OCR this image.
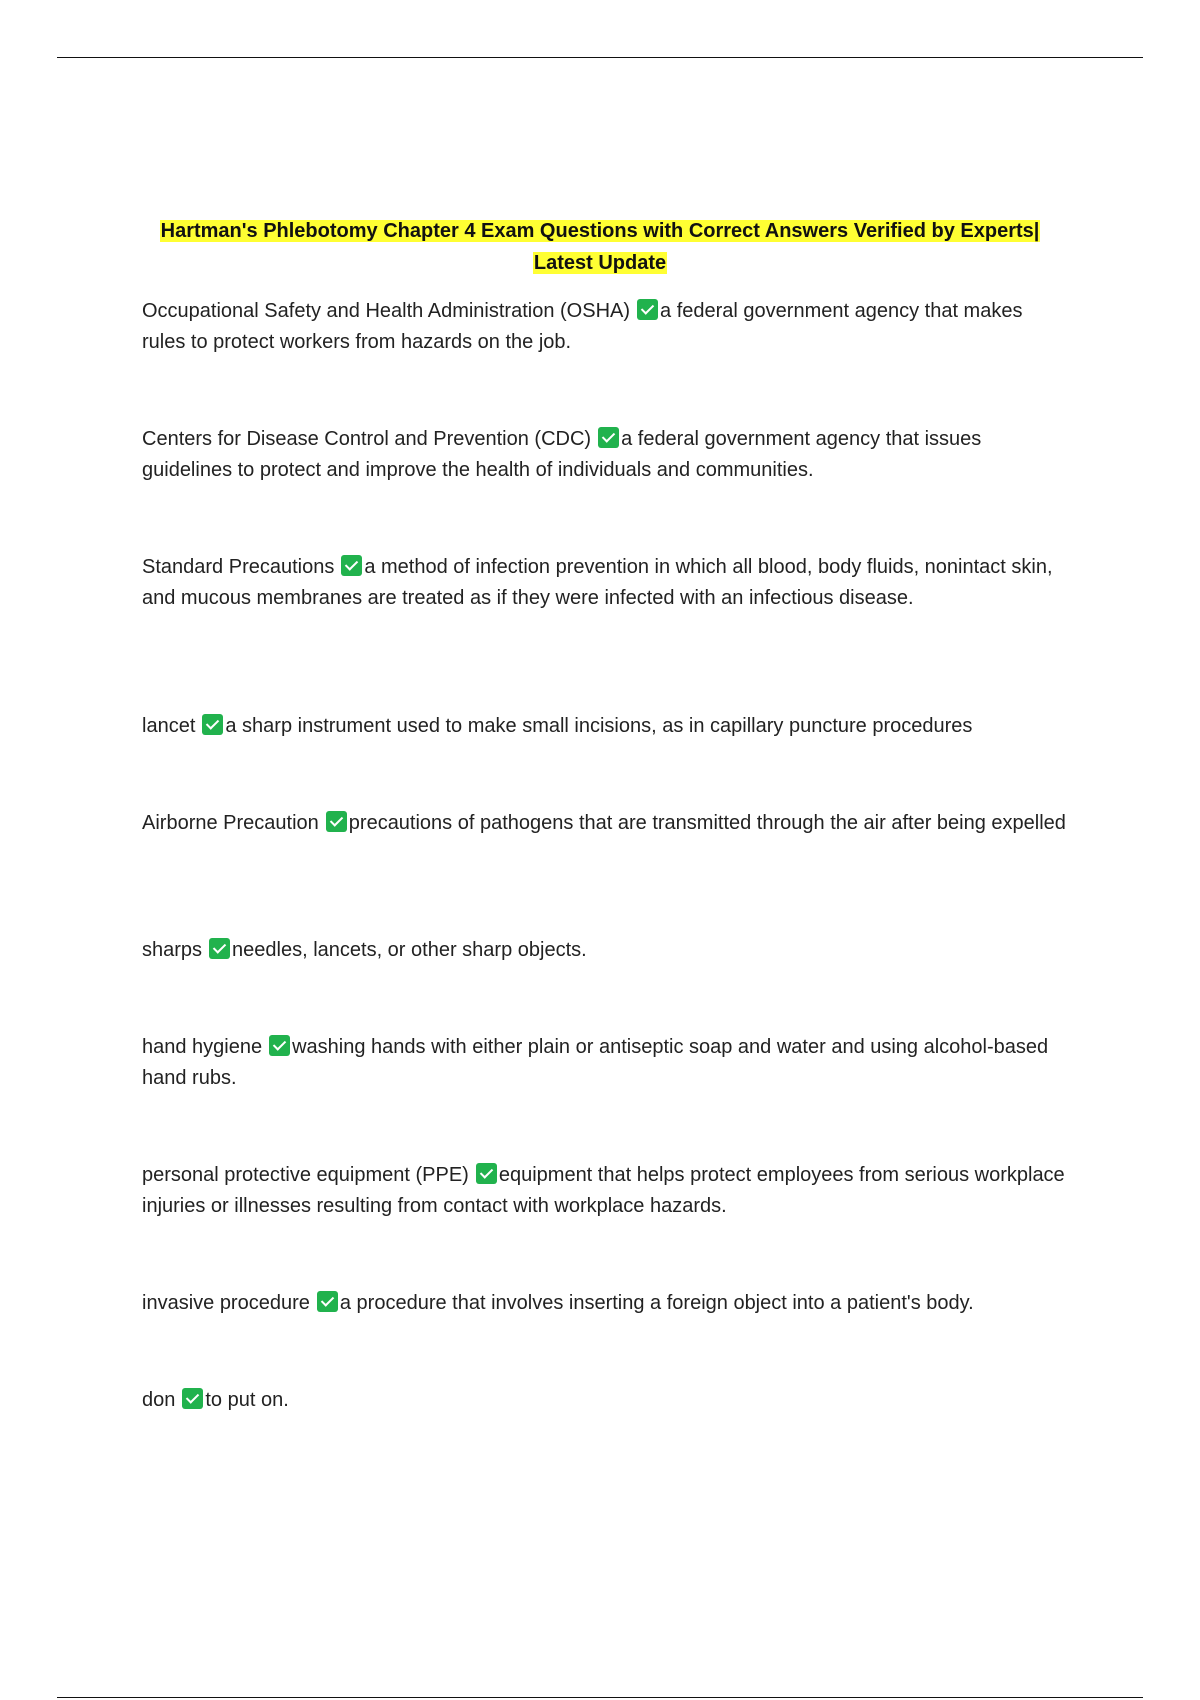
Hartman's Phlebotomy Chapter 4 Exam Questions with Correct Answers Verified by Experts|
Latest Update
Occupational Safety and Health Administration (OSHA) a federal government agency that makes rules to protect workers from hazards on the job.
Centers for Disease Control and Prevention (CDC) a federal government agency that issues guidelines to protect and improve the health of individuals and communities.
Standard Precautions a method of infection prevention in which all blood, body fluids, nonintact skin, and mucous membranes are treated as if they were infected with an infectious disease.
lancet a sharp instrument used to make small incisions, as in capillary puncture procedures
Airborne Precaution precautions of pathogens that are transmitted through the air after being expelled
sharps needles, lancets, or other sharp objects.
hand hygiene washing hands with either plain or antiseptic soap and water and using alcohol-based hand rubs.
personal protective equipment (PPE) equipment that helps protect employees from serious workplace injuries or illnesses resulting from contact with workplace hazards.
invasive procedure a procedure that involves inserting a foreign object into a patient's body.
don to put on.
